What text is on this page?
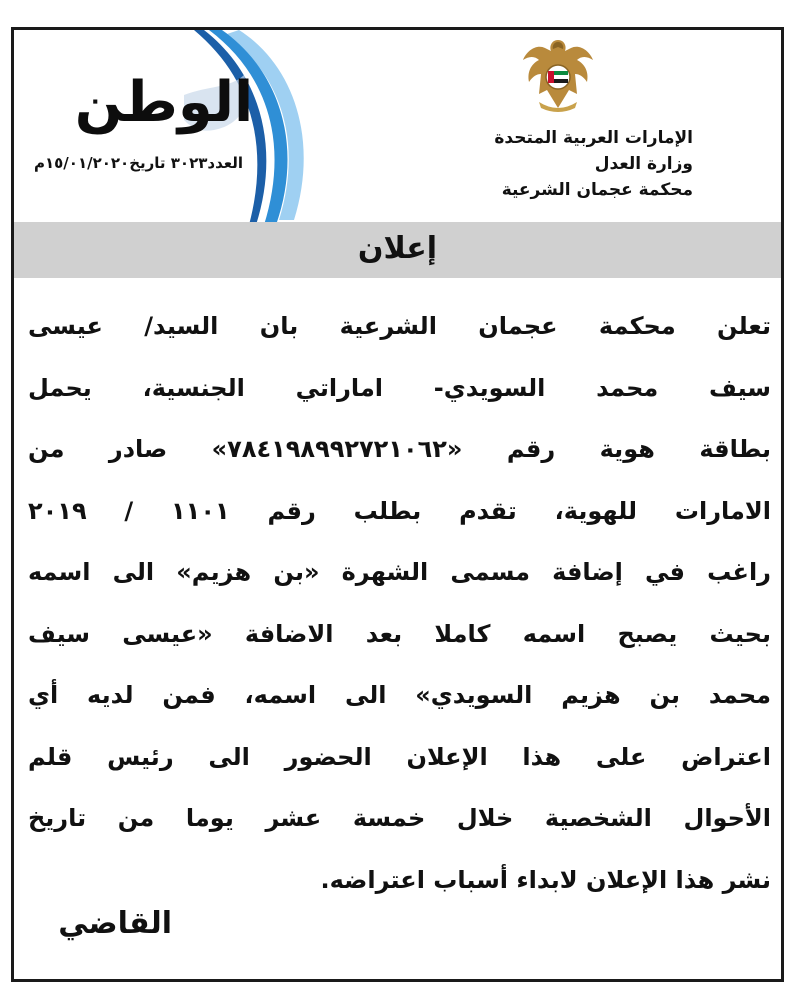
الإمارات العربية المتحدة
وزارة العدل
محكمة عجمان الشرعية
الوطن
العدد٣٠٢٣ تاريخ١٥/٠١/٢٠٢٠م
إعلان
تعلن محكمة عجمان الشرعية بان السيد/ عيسى
سيف محمد السويدي- اماراتي الجنسية، يحمل
بطاقة هوية رقم «٧٨٤١٩٨٩٩٢٧٢١٠٦٢» صادر من
الامارات للهوية، تقدم بطلب رقم ١١٠١ / ٢٠١٩
راغب في إضافة مسمى الشهرة «بن هزيم» الى اسمه
بحيث يصبح اسمه كاملا بعد الاضافة «عيسى سيف
محمد بن هزيم السويدي» الى اسمه، فمن لديه أي
اعتراض على هذا الإعلان الحضور الى رئيس قلم
الأحوال الشخصية خلال خمسة عشر يوما من تاريخ
نشر هذا الإعلان لابداء أسباب اعتراضه.
القاضي
